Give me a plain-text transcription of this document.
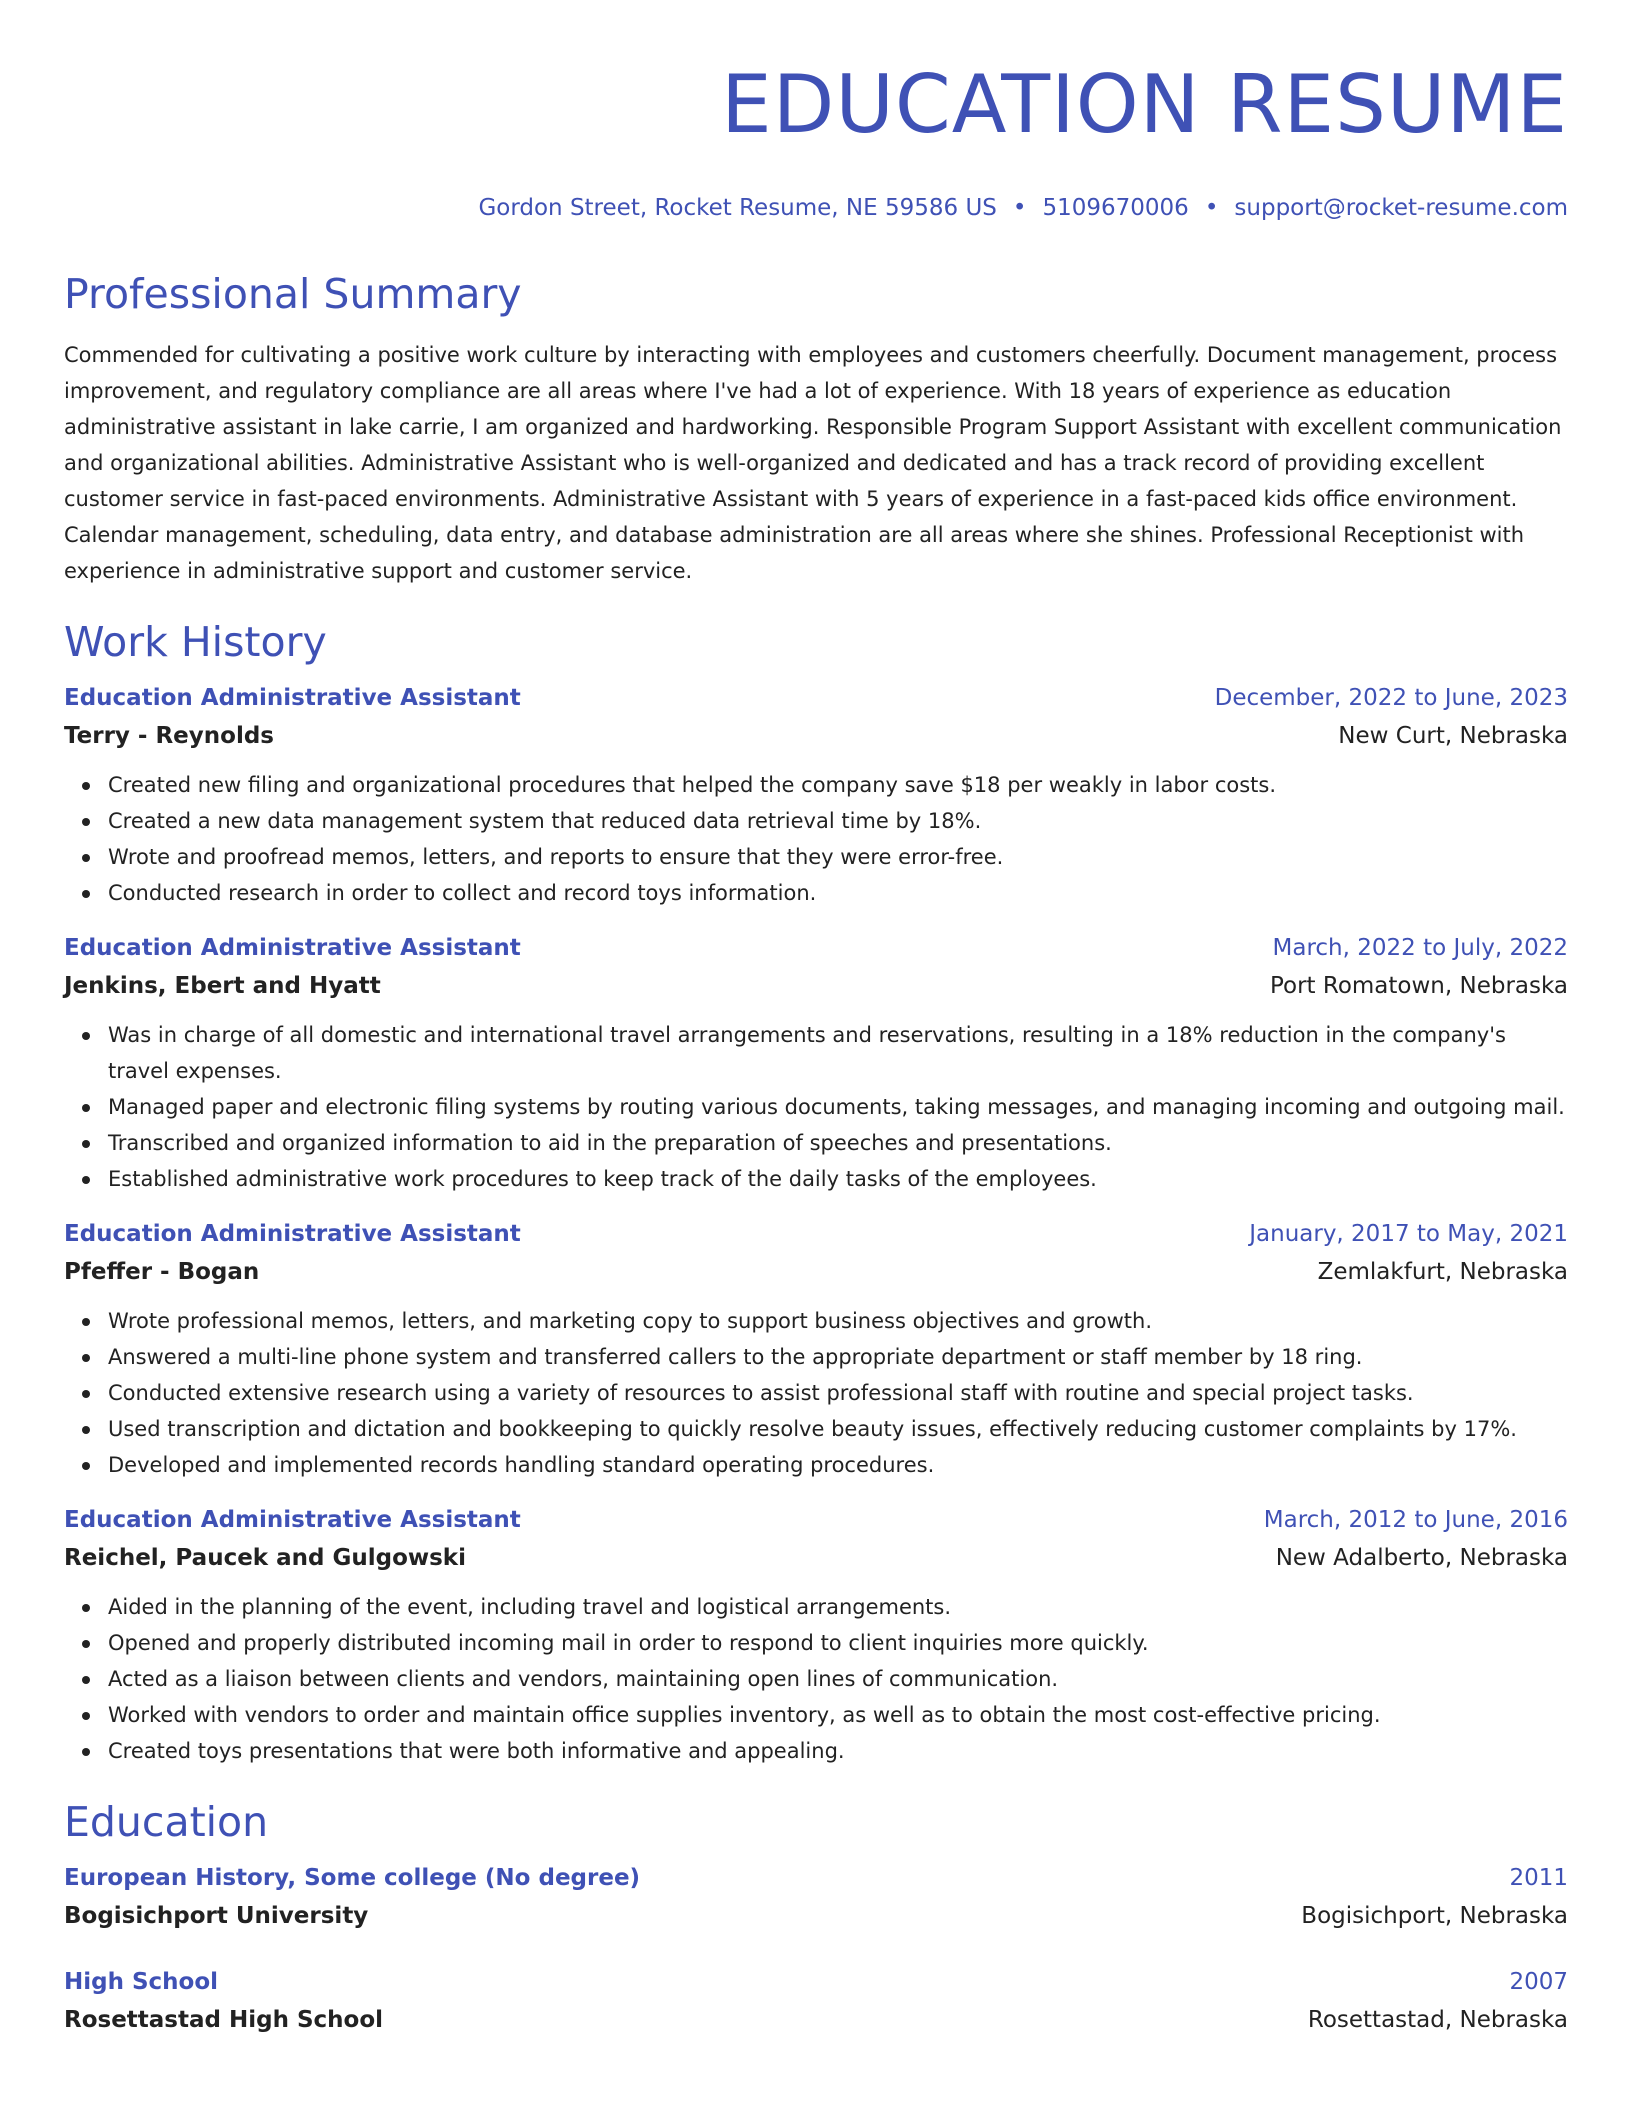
EDUCATION RESUME
Gordon Street, Rocket Resume, NE 59586 US • 5109670006 • support@rocket-resume.com
Professional Summary

Commended for cultivating a positive work culture by interacting with employees and customers cheerfully. Document management, process improvement, and regulatory compliance are all areas where I've had a lot of experience. With 18 years of experience as education administrative assistant in lake carrie, I am organized and hardworking. Responsible Program Support Assistant with excellent communication and organizational abilities. Administrative Assistant who is well-organized and dedicated and has a track record of providing excellent customer service in fast-paced environments. Administrative Assistant with 5 years of experience in a fast-paced kids office environment. Calendar management, scheduling, data entry, and database administration are all areas where she shines. Professional Receptionist with experience in administrative support and customer service.

Work History
Education Administrative Assistant	December, 2022 to June, 2023
Terry - Reynolds	New Curt, Nebraska
Created new filing and organizational procedures that helped the company save $18 per weakly in labor costs.
Created a new data management system that reduced data retrieval time by 18%.
Wrote and proofread memos, letters, and reports to ensure that they were error-free.
Conducted research in order to collect and record toys information.
Education Administrative Assistant	March, 2022 to July, 2022
Jenkins, Ebert and Hyatt	Port Romatown, Nebraska
Was in charge of all domestic and international travel arrangements and reservations, resulting in a 18% reduction in the company's travel expenses.
Managed paper and electronic filing systems by routing various documents, taking messages, and managing incoming and outgoing mail.
Transcribed and organized information to aid in the preparation of speeches and presentations.
Established administrative work procedures to keep track of the daily tasks of the employees.
Education Administrative Assistant	January, 2017 to May, 2021
Pfeffer - Bogan	Zemlakfurt, Nebraska
Wrote professional memos, letters, and marketing copy to support business objectives and growth.
Answered a multi-line phone system and transferred callers to the appropriate department or staff member by 18 ring.
Conducted extensive research using a variety of resources to assist professional staff with routine and special project tasks.
Used transcription and dictation and bookkeeping to quickly resolve beauty issues, effectively reducing customer complaints by 17%.
Developed and implemented records handling standard operating procedures.
Education Administrative Assistant	March, 2012 to June, 2016
Reichel, Paucek and Gulgowski	New Adalberto, Nebraska
Aided in the planning of the event, including travel and logistical arrangements.
Opened and properly distributed incoming mail in order to respond to client inquiries more quickly.
Acted as a liaison between clients and vendors, maintaining open lines of communication.
Worked with vendors to order and maintain office supplies inventory, as well as to obtain the most cost-effective pricing.
Created toys presentations that were both informative and appealing.
Education
European History, Some college (No degree)	2011
Bogisichport University	Bogisichport, Nebraska
High School	2007
Rosettastad High School	Rosettastad, Nebraska
